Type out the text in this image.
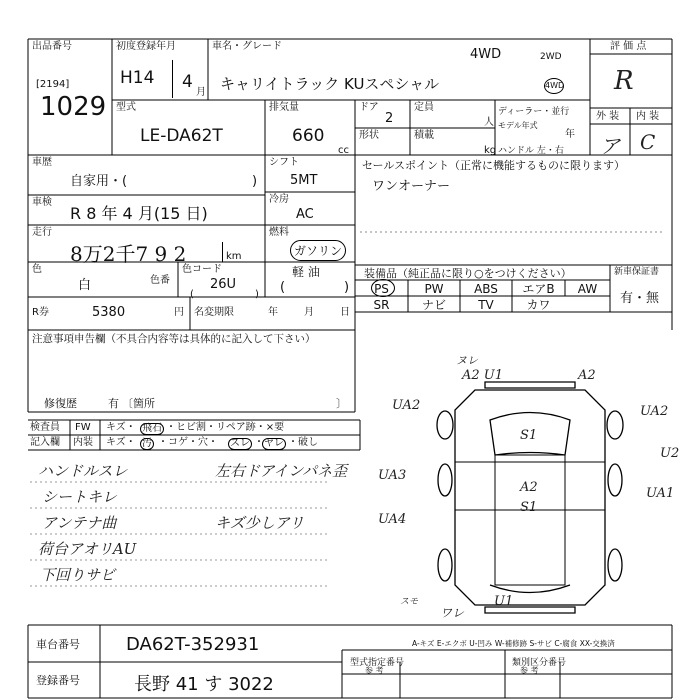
出品番号
[2194]
1029
初度登録年月
H14 4
月
車名・グレード
4WD	2WD
4WD
キャリイトラック KUスペシャル
評 価 点
R
外 装 内 装
ア C
型式
LE-DA62T
排気量
660
cc
ドア
2
定員
人
形状	積載
kg
ディーラー・並行
モデル年式
年
ハンドル 左・右
車歴
自家用・(	)
シフト
5MT
冷房
AC
燃料
ガソリン
軽 油
(	)
車検
R 8 年 4 月(15 日)
走行
8万2千7 9 2	km
色
白	色番
色コード
26U
(	)
R券	5380	円 名変期限	年	月	日
セールスポイント（正常に機能するものに限ります）
ワンオーナー
装備品（純正品に限り○をつけください）	新車保証書
有・無
PS	PW	ABS	エアB	AW
SR	ナビ	TV	カワ
注意事項申告欄（不具合内容等は具体的に記入して下さい）
修復歴	有 〔箇所	〕
検査員
記入欄
FW キズ・ 飛石 ・ヒビ割・リペア跡・×要
内装 キズ・ 汚 ・コゲ・穴・ スレ ・ ヤレ ・破し
ハンドルスレ
シートキレ
アンテナ曲
荷台アオリAU
下回りサビ
左右ドアインパネ歪
キズ少しアリ
ヌレ
A2 U1	A2
UA2	UA2
U2
S1
UA3
UA1
A2
S1
UA4
スモ
ワレ
U1
A-キズ E-エクボ U-凹み W-補修跡 S-サビ C-腐食 XX-交換済
車台番号	DA62T-352931
登録番号	長野 41 す 3022
型式指定番号	類別区分番号
参 考	参 考
